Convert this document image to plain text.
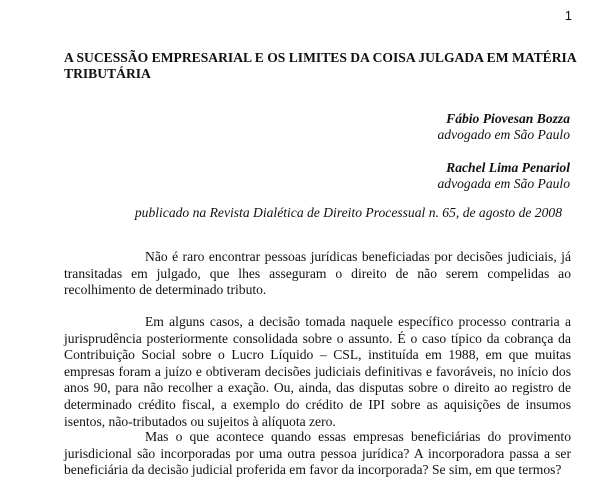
1
A SUCESSÃO EMPRESARIAL E OS LIMITES DA COISA JULGADA EM MATÉRIA TRIBUTÁRIA
Fábio Piovesan Bozza
advogado em São Paulo
Rachel Lima Penariol
advogada em São Paulo
publicado na Revista Dialética de Direito Processual n. 65, de agosto de 2008

Não é raro encontrar pessoas jurídicas beneficiadas por decisões judiciais, já transitadas em julgado, que lhes asseguram o direito de não serem compelidas ao recolhimento de determinado tributo.

Em alguns casos, a decisão tomada naquele específico processo contraria a jurisprudência posteriormente consolidada sobre o assunto. É o caso típico da cobrança da Contribuição Social sobre o Lucro Líquido – CSL, instituída em 1988, em que muitas empresas foram a juízo e obtiveram decisões judiciais definitivas e favoráveis, no início dos anos 90, para não recolher a exação. Ou, ainda, das disputas sobre o direito ao registro de determinado crédito fiscal, a exemplo do crédito de IPI sobre as aquisições de insumos isentos, não-tributados ou sujeitos à alíquota zero.

Mas o que acontece quando essas empresas beneficiárias do provimento jurisdicional são incorporadas por uma outra pessoa jurídica? A incorporadora passa a ser beneficiária da decisão judicial proferida em favor da incorporada? Se sim, em que termos?
